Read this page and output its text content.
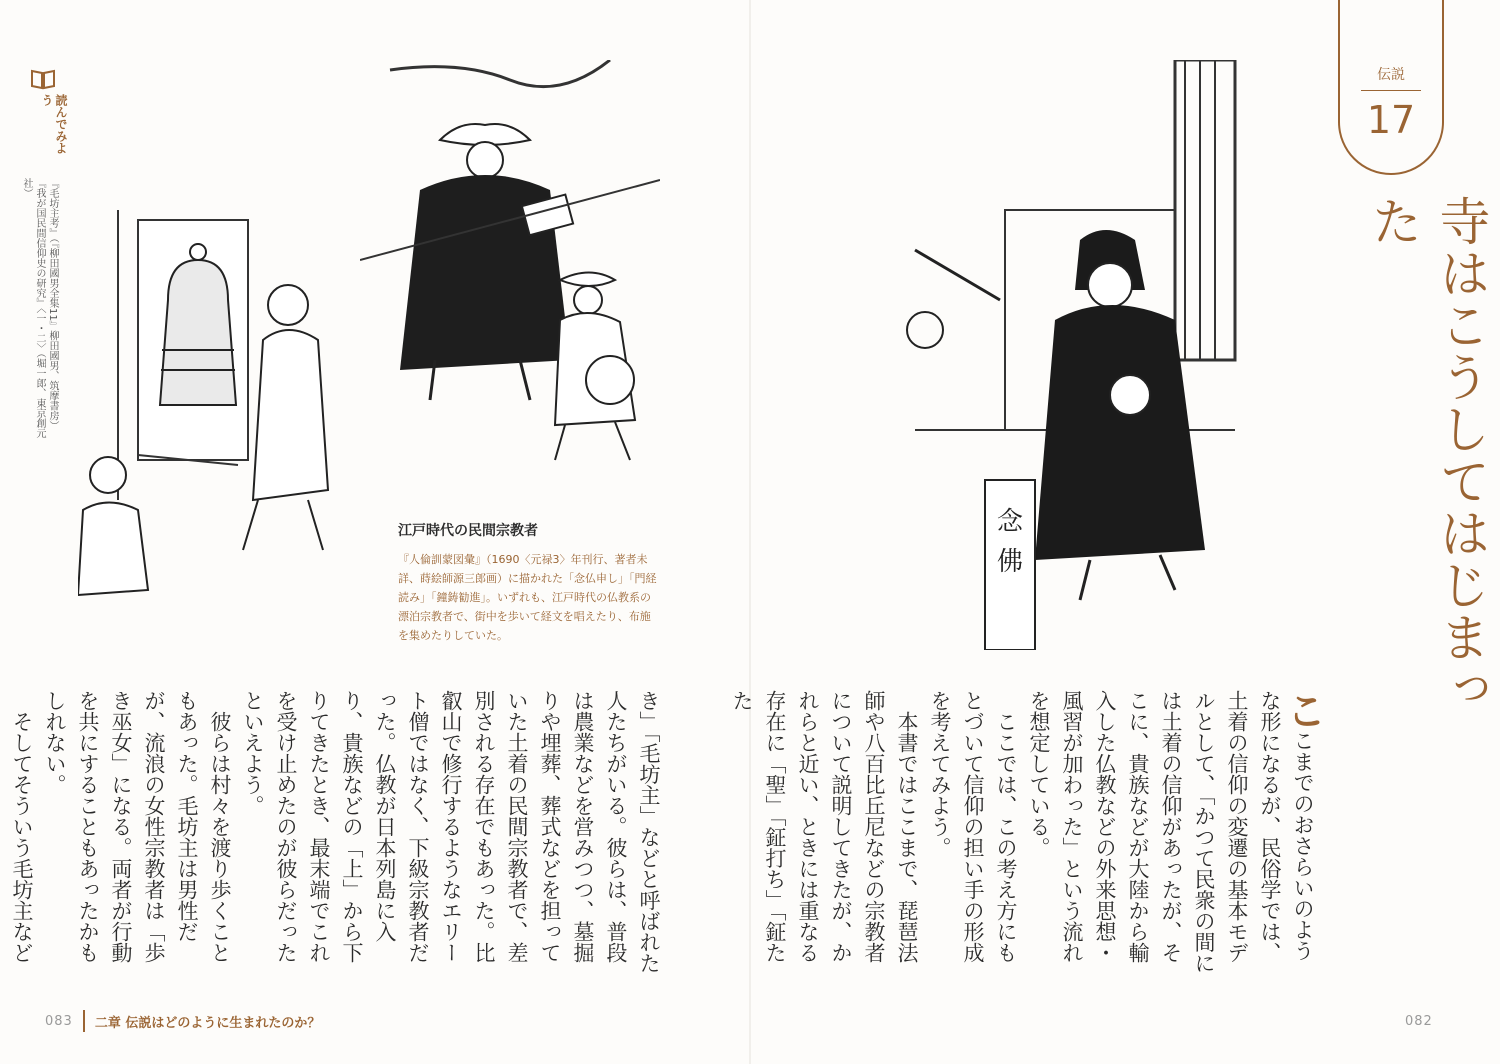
読んでみよう
『毛坊主考』（『柳田國男全集11』柳田國男、筑摩書房）　『我が国民間信仰史の研究』〈一・二〉（堀一郎、東京創元社）
念
佛

江戸時代の民間宗教者

『人倫訓蒙図彙』（1690〈元禄3〉年刊行、著者未詳、蒔絵師源三郎画）に描かれた「念仏申し」「門経読み」「鐘鋳勧進」。いずれも、江戸時代の仏教系の漂泊宗教者で、街中を歩いて経文を唱えたり、布施を集めたりしていた。

伝説
17
寺はこうしてはじまった

ここまでのおさらいのような形になるが、民俗学では、土着の信仰の変遷の基本モデルとして、「かつて民衆の間には土着の信仰があったが、そこに、貴族などが大陸から輸入した仏教などの外来思想・風習が加わった」という流れを想定している。

ここでは、この考え方にもとづいて信仰の担い手の形成を考えてみよう。

本書ではここまで、琵琶法師や八百比丘尼などの宗教者について説明してきたが、かれらと近い、ときには重なる存在に「聖」「鉦打ち」「鉦たた

き」「毛坊主」などと呼ばれた人たちがいる。彼らは、普段は農業などを営みつつ、墓掘りや埋葬、葬式などを担っていた土着の民間宗教者で、差別される存在でもあった。比叡山で修行するようなエリート僧ではなく、下級宗教者だった。仏教が日本列島に入り、貴族などの「上」から下りてきたとき、最末端でこれを受け止めたのが彼らだったといえよう。

彼らは村々を渡り歩くこともあった。毛坊主は男性だが、流浪の女性宗教者は「歩き巫女」になる。両者が行動を共にすることもあったかもしれない。

そしてそういう毛坊主など

083 二章 伝説はどのように生まれたのか？	082
